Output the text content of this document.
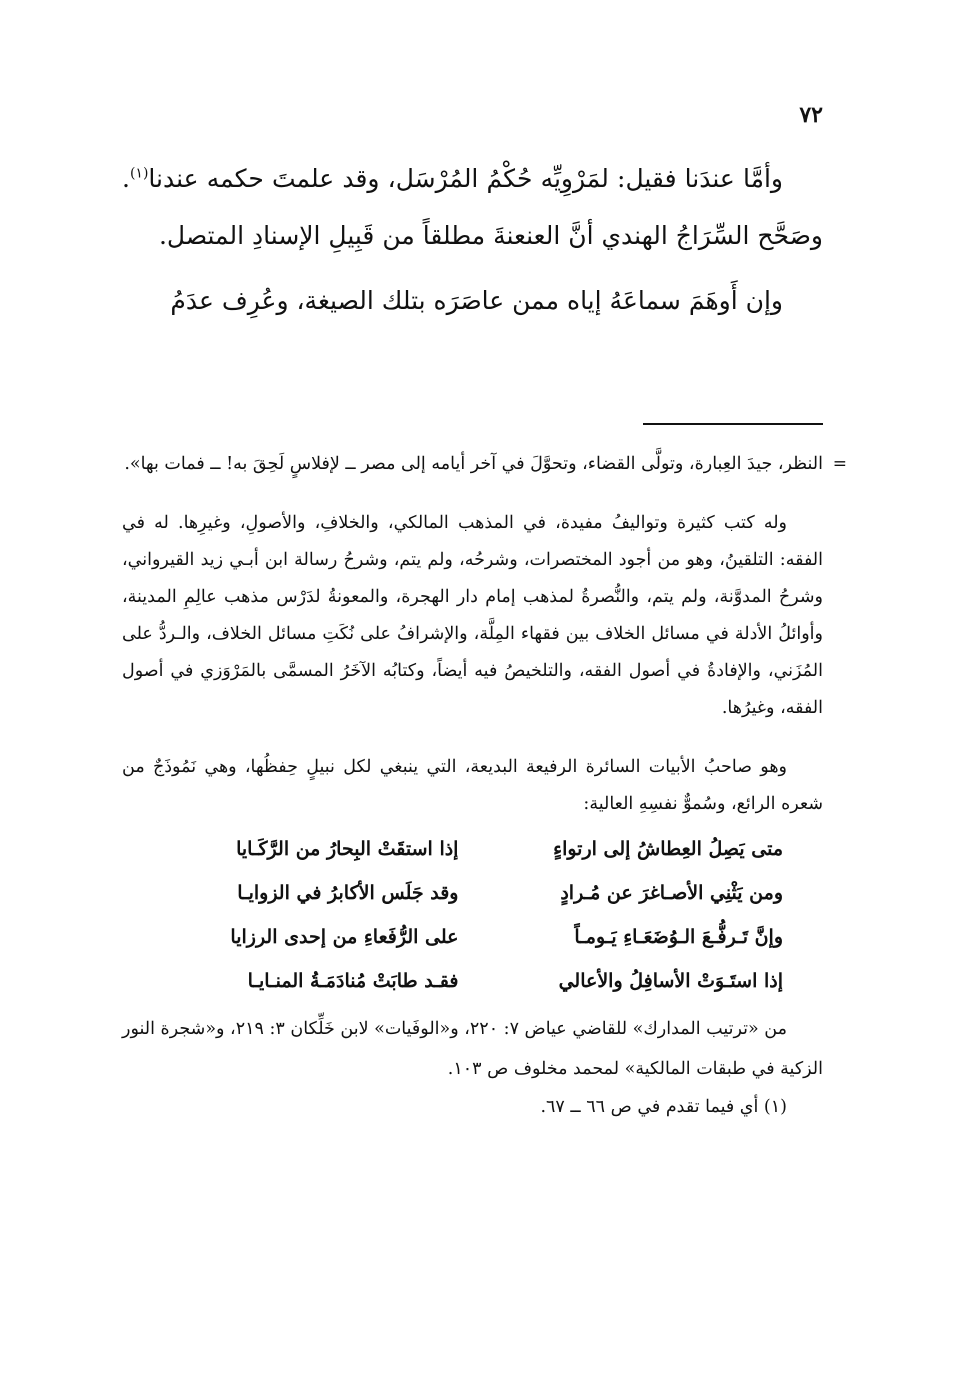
٧٢

وأمَّا عندَنا فقيل: لمَرْوِيِّه حُكْمُ المُرْسَل، وقد علمتَ حكمه عندنا$^{(١)}$. وصَحَّح السِّرَاجُ الهندي أنَّ العنعنةَ مطلقاً من قَبِيلِ الإسنادِ المتصل.

وإن أَوهَمَ سماعَهُ إياه ممن عاصَرَه بتلك الصيغة، وعُرِف عدَمُ

=

النظر، جيدَ العِبارة، وتولَّى القضاء، وتحوَّلَ في آخر أيامه إلى مصر ــ لإفلاسٍ لَحِقَ به! ــ فمات بها».

وله كتب كثيرة وتواليفُ مفيدة، في المذهب المالكي، والخلافِ، والأصولِ، وغيرِها. له في الفقه: التلقينُ، وهو من أجود المختصرات، وشرحُه، ولم يتم، وشرحُ رسالة ابن أبـي زيد القيرواني، وشرحُ المدوَّنة، ولم يتم، والنُّصرةُ لمذهب إمام دار الهجرة، والمعونةُ لدَرْس مذهب عالِمِ المدينة، وأوائلُ الأدلة في مسائل الخلاف بين فقهاء المِلَّة، والإشرافُ على نُكَتِ مسائل الخلاف، والـردُّ على المُزَني، والإفادةُ في أصول الفقه، والتلخيصُ فيه أيضاً، وكتابُه الآخَرُ المسمَّى بالمَرْوَزي في أصول الفقه، وغيرُها.

وهو صاحبُ الأبيات السائرة الرفيعة البديعة، التي ينبغي لكل نبيلٍ حِفظُها، وهي نَمُوذَجٌ من شعره الرائع، وسُموٌّ نفسِهِ العالية:

متى يَصِلُ العِطاشُ إلى ارتواءٍ
إذا استقَتْ البِحارُ من الرَّكَـايا
ومن يَثْنِي الأصـاغرَ عن مُـرادٍ
وقد جَلَس الأكابرُ في الزوايـا
وإنَّ تَـرفُّـعَ الـوُضَعَـاءِ يَـومـاً
على الرُّفَعاءِ من إحدى الرزايا
إذا استَـوَتْ الأسافِلُ والأعالي
فقـد طابَتْ مُنادَمَـةُ المنـايـا

من «ترتيب المدارك» للقاضي عياض ٧: ٢٢٠، و«الوفَيات» لابن خَلِّكان ٣: ٢١٩، و«شجرة النور الزكية في طبقات المالكية» لمحمد مخلوف ص ١٠٣.

(١) أي فيما تقدم في ص ٦٦ ــ ٦٧.
